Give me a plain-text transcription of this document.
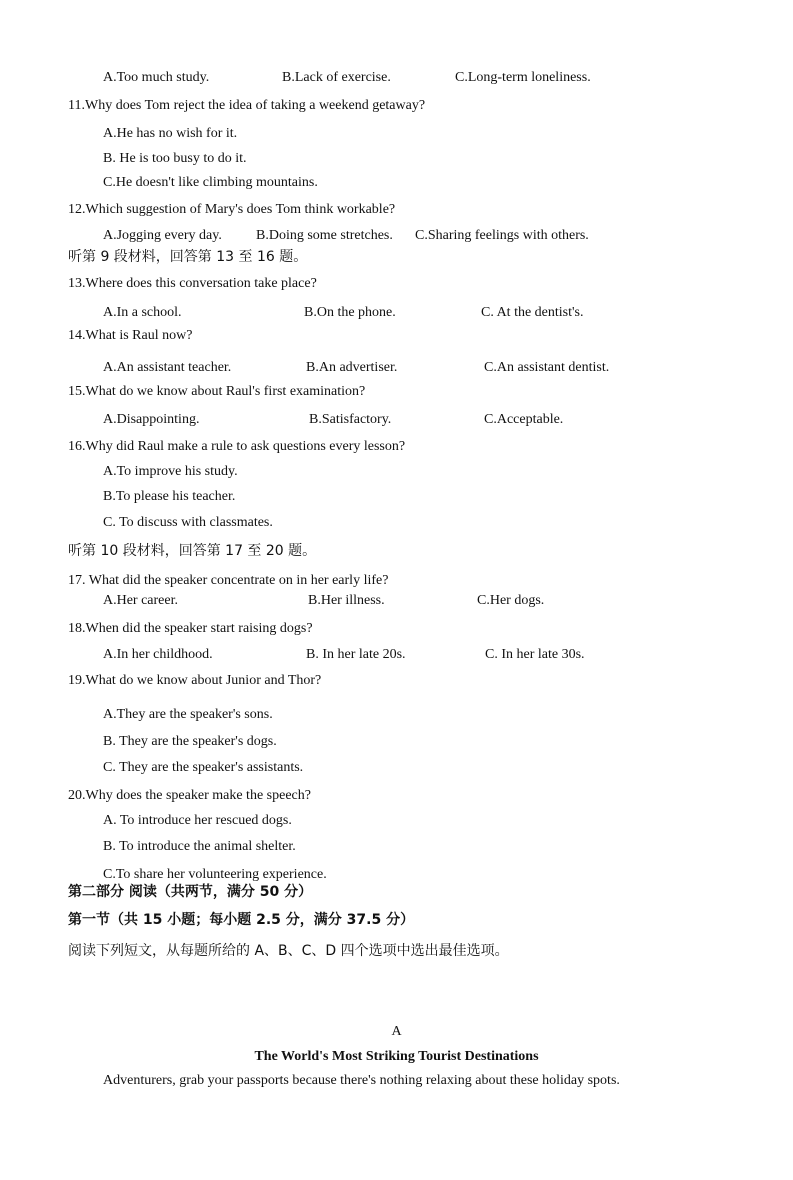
A.Too much study.	B.Lack of exercise.	C.Long-term loneliness.
11.Why does Tom reject the idea of taking a weekend getaway?
A.He has no wish for it.
B. He is too busy to do it.
C.He doesn't like climbing mountains.
12.Which suggestion of Mary's does Tom think workable?
A.Jogging every day. B.Doing some stretches. C.Sharing feelings with others.
听第 9 段材料，回答第 13 至 16 题。
13.Where does this conversation take place?
A.In a school.	B.On the phone.	C. At the dentist's.
14.What is Raul now?
A.An assistant teacher.	B.An advertiser.	C.An assistant dentist.
15.What do we know about Raul's first examination?
A.Disappointing.	B.Satisfactory.	C.Acceptable.
16.Why did Raul make a rule to ask questions every lesson?
A.To improve his study.
B.To please his teacher.
C. To discuss with classmates.
听第 10 段材料，回答第 17 至 20 题。
17. What did the speaker concentrate on in her early life?
A.Her career.	B.Her illness.	C.Her dogs.
18.When did the speaker start raising dogs?
A.In her childhood.	B. In her late 20s.	C. In her late 30s.
19.What do we know about Junior and Thor?
A.They are the speaker's sons.
B. They are the speaker's dogs.
C. They are the speaker's assistants.
20.Why does the speaker make the speech?
A. To introduce her rescued dogs.
B. To introduce the animal shelter.
C.To share her volunteering experience.
第二部分 阅读（共两节，满分 50 分）
第一节（共 15 小题；每小题 2.5 分，满分 37.5 分）
阅读下列短文，从每题所给的 A、B、C、D 四个选项中选出最佳选项。
A
The World's Most Striking Tourist Destinations
Adventurers, grab your passports because there's nothing relaxing about these holiday spots.
